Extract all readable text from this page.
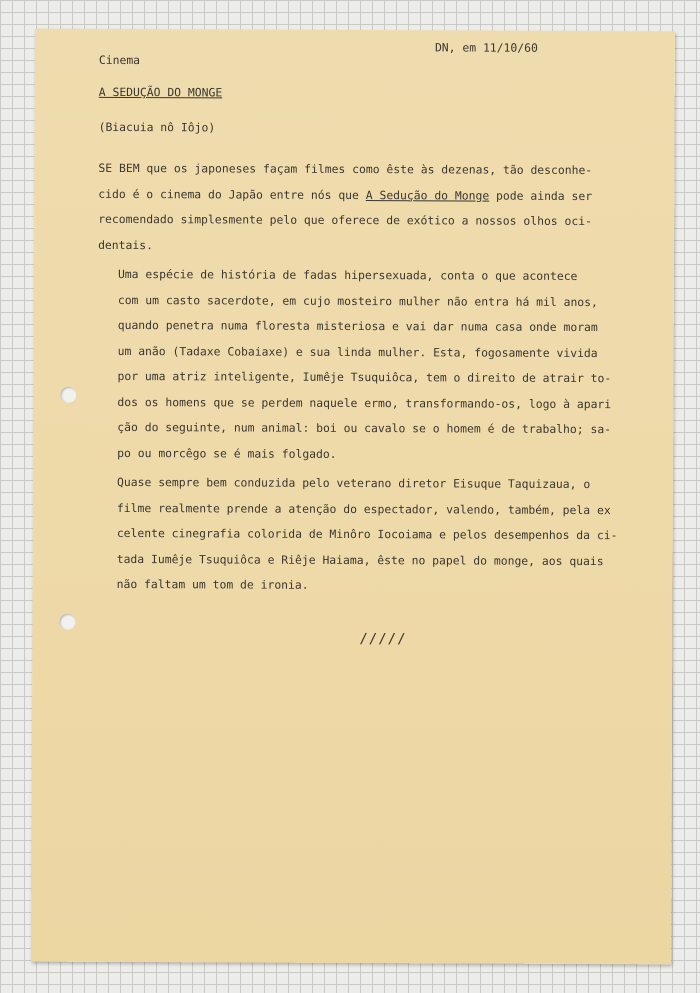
Cinema
DN, em 11/10/60
A SEDUÇÃO DO MONGE
(Biacuia nô Iôjo)

SE BEM que os japoneses façam filmes como êste às dezenas, tão desconhe-
cido é o cinema do Japão entre nós que A Sedução do Monge pode ainda ser
recomendado simplesmente pelo que oferece de exótico a nossos olhos oci-
dentais.

Uma espécie de história de fadas hipersexuada, conta o que acontece
com um casto sacerdote, em cujo mosteiro mulher não entra há mil anos,
quando penetra numa floresta misteriosa e vai dar numa casa onde moram
um anão (Tadaxe Cobaiaxe) e sua linda mulher. Esta, fogosamente vivida
por uma atriz inteligente, Iumêje Tsuquiôca, tem o direito de atrair to-
dos os homens que se perdem naquele ermo, transformando-os, logo à apari
ção do seguinte, num animal: boi ou cavalo se o homem é de trabalho; sa-
po ou morcêgo se é mais folgado.

Quase sempre bem conduzida pelo veterano diretor Eisuque Taquizaua, o
filme realmente prende a atenção do espectador, valendo, também, pela ex
celente cinegrafia colorida de Minôro Iocoiama e pelos desempenhos da ci-
tada Iumêje Tsuquiôca e Riêje Haiama, êste no papel do monge, aos quais
não faltam um tom de ironia.

/////
